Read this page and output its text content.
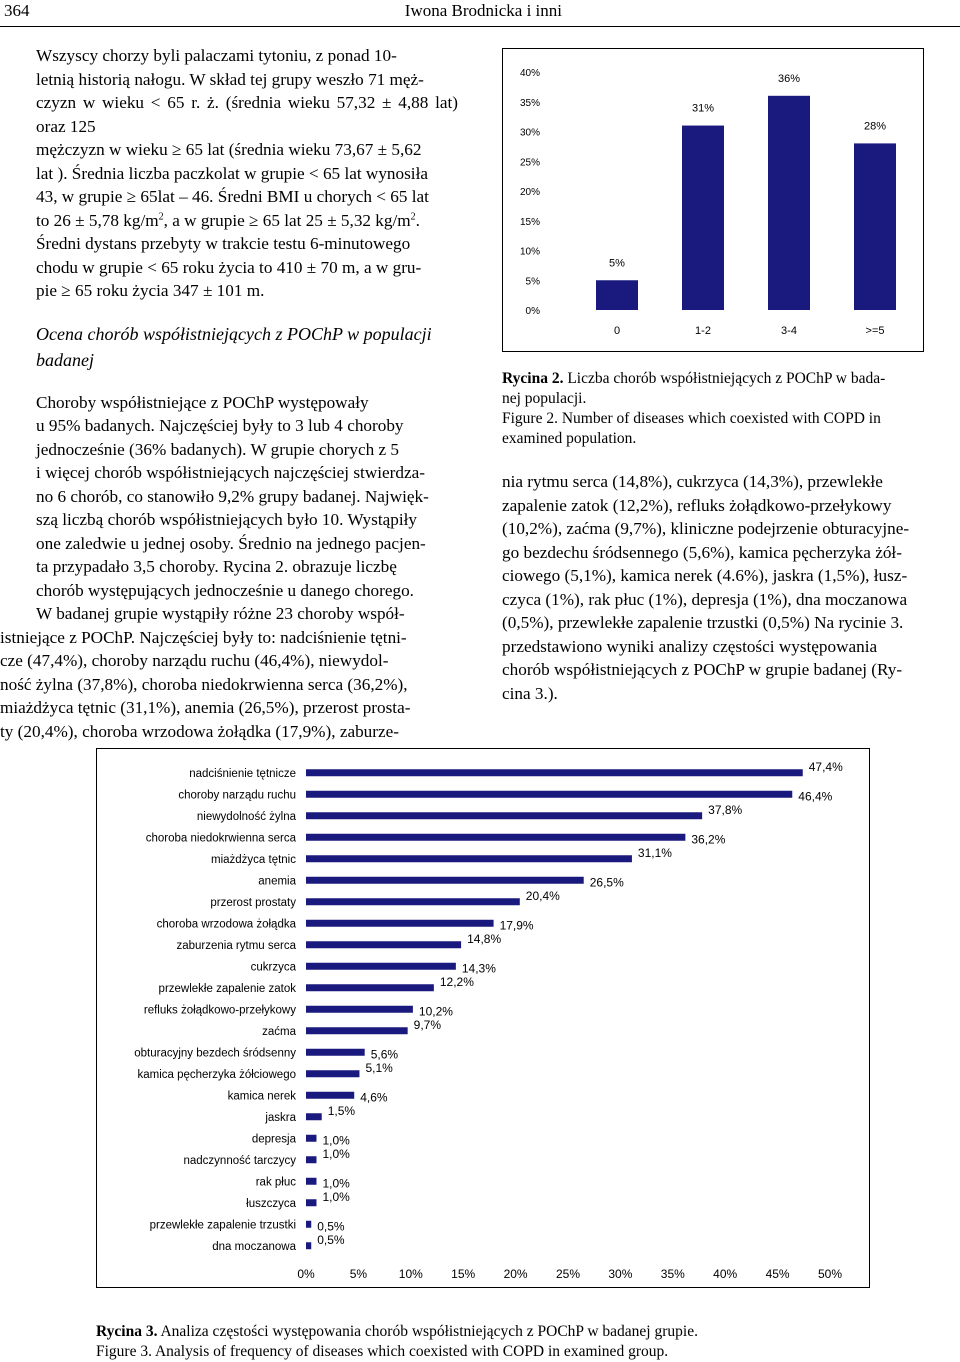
364	Iwona Brodnicka i inni
Wszyscy chorzy byli palaczami tytoniu, z ponad 10-
letnią historią nałogu. W skład tej grupy weszło 71 męż-
czyzn w wieku < 65 r. ż. (średnia wieku 57,32 ± 4,88 lat) oraz 125
mężczyzn w wieku ≥ 65 lat (średnia wieku 73,67 ± 5,62
lat ). Średnia liczba paczkolat w grupie < 65 lat wynosiła
43, w grupie ≥ 65lat – 46. Średni BMI u chorych < 65 lat
to 26 ± 5,78 $kg/m^2$, a w grupie ≥ 65 lat 25 ± 5,32 $kg/m^2$.
Średni dystans przebyty w trakcie testu 6-minutowego
chodu w grupie < 65 roku życia to 410 ± 70 m, a w gru-
pie ≥ 65 roku życia 347 ± 101 m.
Ocena chorób współistniejących z POChP w populacji
badanej
Choroby współistniejące z POChP występowały
u 95% badanych. Najczęściej były to 3 lub 4 choroby
jednocześnie (36% badanych). W grupie chorych z 5
i więcej chorób współistniejących najczęściej stwierdza-
no 6 chorób, co stanowiło 9,2% grupy badanej. Najwięk-
szą liczbą chorób współistniejących było 10. Wystąpiły
one zaledwie u jednej osoby. Średnio na jednego pacjen-
ta przypadało 3,5 choroby. Rycina 2. obrazuje liczbę
chorób występujących jednocześnie u danego chorego.
W badanej grupie wystąpiły różne 23 choroby współ-
istniejące z POChP. Najczęściej były to: nadciśnienie tętni-
cze (47,4%), choroby narządu ruchu (46,4%), niewydol-
ność żylna (37,8%), choroba niedokrwienna serca (36,2%),
miażdżyca tętnic (31,1%), anemia (26,5%), przerost prosta-
ty (20,4%), choroba wrzodowa żołądka (17,9%), zaburze-
0%
5%
10%
15%
20%
25%
30%
35%
40%
5%
0
31%
1-2
36%
3-4
28%
>=5
Rycina 2. Liczba chorób współistniejących z POChP w bada-
nej populacji.
Figure 2. Number of diseases which coexisted with COPD in
examined population.
nia rytmu serca (14,8%), cukrzyca (14,3%), przewlekłe
zapalenie zatok (12,2%), refluks żołądkowo-przełykowy
(10,2%), zaćma (9,7%), kliniczne podejrzenie obturacyjne-
go bezdechu śródsennego (5,6%), kamica pęcherzyka żół-
ciowego (5,1%), kamica nerek (4.6%), jaskra (1,5%), łusz-
czyca (1%), rak płuc (1%), depresja (1%), dna moczanowa
(0,5%), przewlekłe zapalenie trzustki (0,5%) Na rycinie 3.
przedstawiono wyniki analizy częstości występowania
chorób współistniejących z POChP w grupie badanej (Ry-
cina 3.).
nadciśnienie tętnicze	47,4%
choroby narządu ruchu	46,4%
niewydolność żylna	37,8%
choroba niedokrwienna serca	36,2%
miażdżyca tętnic	31,1%
anemia	26,5%
przerost prostaty	20,4%
choroba wrzodowa żołądka	17,9%
zaburzenia rytmu serca	14,8%
cukrzyca	14,3%
przewlekłe zapalenie zatok	12,2%
refluks żołądkowo-przełykowy	10,2%
zaćma	9,7%
obturacyjny bezdech śródsenny	5,6%
kamica pęcherzyka żółciowego	5,1%
kamica nerek	4,6%
jaskra	1,5%
depresja 1,0%
nadczynność tarczycy 1,0%
rak płuc 1,0%
łuszczyca 1,0%
przewlekłe zapalenie trzustki 0,5%
dna moczanowa 0,5%
0%	5%	10% 15% 20% 25% 30% 35% 40% 45% 50%
Rycina 3. Analiza częstości występowania chorób współistniejących z POChP w badanej grupie.
Figure 3. Analysis of frequency of diseases which coexisted with COPD in examined group.
